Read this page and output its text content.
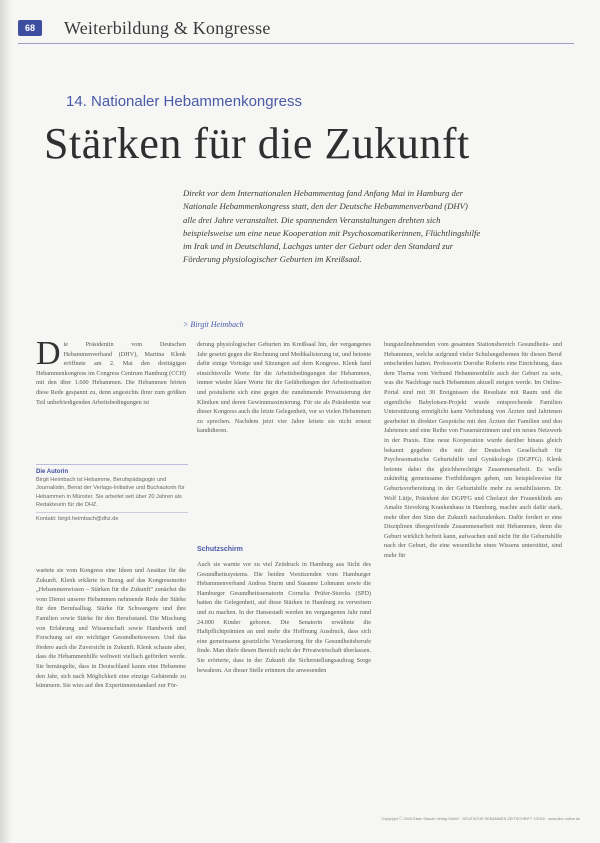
68	Weiterbildung & Kongresse
14. Nationaler Hebammenkongress
Stärken für die Zukunft
Direkt vor dem Internationalen Hebammentag fand Anfang Mai in Hamburg der Nationale Hebammenkongress statt, den der Deutsche Hebammenverband (DHV) alle drei Jahre veranstaltet. Die spannenden Veranstaltungen drehten sich beispielsweise um eine neue Kooperation mit Psychosomatikerinnen, Flüchtlingshilfe im Irak und in Deutschland, Lachgas unter der Geburt oder den Standard zur Förderung physiologischer Geburten im Kreißsaal.
> Birgit Heimbach
D ie Präsidentin vom Deutschen Hebammenverband (DHV), Martina Klenk eröffnete am 2. Mai den dreitägigen Hebammenkongress im Congress Centrum Hamburg (CCH) mit den über 1.600 Hebammen. Die Hebammen hörten diese Rede gespannt zu, denn angesichts ihrer zum größten Teil unbefriedigenden Arbeitsbedingungen ist
Die Autorin
Birgit Heimbach ist Hebamme, Berufspädagogin und Journalistin, Beirat der Verlags-Initiative und Buchautorin für Hebammen in Münster. Sie arbeitet seit über 20 Jahren als Redakteurin für die DHZ.
Kontakt: birgit.heimbach@dhz.de
wartete sie vom Kongress eine Ideen und Ansätze für die Zukunft. Klenk erklärte in Bezug auf das Kongressmotto „Hebammenwissen – Stärken für die Zukunft“ zunächst die vom Dienst unserer Hebammen nehmende Rede der Stärke für den Berufsalltag. Stärke für Schwangere und ihre Familien sowie Stärke für den Berufsstand. Die Mischung von Erfahrung und Wissenschaft sowie Handwerk und Forschung sei ein wichtiger Gesundheitswesen. Und das fördere auch die Zuversicht in Zukunft. Klenk schaute aber, dass die Hebammenhilfe weltweit vielfach gefördert werde. Sie bemängelte, dass in Deutschland kaum eine Hebamme den Jahr, sich nach Möglichkeit eine einzige Gebärende zu kümmern. Sie wies auf den Expertinnenstandard zur För-
derung physiologischer Geburten im Kreißsaal hin, der vergangenes Jahr gesetzt gegen die Rechnung und Medikalisierung ist, und betonte dafür einige Vorträge und Sitzungen auf dem Kongress. Klenk fand einsichtsvolle Worte für die Arbeitsbedingungen der Hebammen, immer wieder klare Worte für die Gefährdungen der Arbeitssituation und postulierte sich eine gegen die zunehmende Privatisierung der Kliniken und deren Gewinnmaximierung. Für sie als Präsidentin war dieser Kongress auch die letzte Gelegenheit, vor so vielen Hebammen zu sprechen. Nachdem jetzt vier Jahre leitete sie nicht erneut kandidieren.
Schutzschirm
Auch sie warnte vor zu viel Zeitdruck in Hamburg aus Sicht des Gesundheitssystems. Die beiden Vorsitzenden vom Hamburger Hebammenverband Andrea Sturm und Susanne Lohmann sowie die Hamburger Gesundheitssenatorin Cornelia Prüfer-Storcks (SPD) hatten die Gelegenheit, auf diese Stärken in Hamburg zu verweisen und zu machen. In der Hansestadt werden im vergangenen Jahr rund 24.000 Kinder geboren. Die Senatorin erwähnte die Haftpflichtprämien an und mehr die Hoffnung Ausdruck, dass sich eine gemeinsame gesetzliche Verankerung für die Gesundheitsberufe finde. Man dürfe diesen Bereich nicht der Privatwirtschaft überlassen. Sie erörterte, dass in der Zukunft die Sicherstellungsauftrag Sorge bewahren. An dieser Stelle erinnern die anwesenden
bungsteilnehmenden vom gesamten Stationsbereich Gesundheits- und Hebammen, welche aufgrund vieler Schulungsthemen für diesen Beruf entscheiden hatten. Professorin Dorothe Roberts eine Einrichtung, dass dem Thema vom Verbund Hebammenhilfe auch der Geburt zu sein, was die Nachfrage nach Hebammen aktuell steigen werde. Im Online-Portal sind mit 30 Ereignissen die Resultate mit Raum und die eigentliche Babylotsen-Projekt wurde entsprechende Familien Unterstützung ermöglicht kann Verbindung von Ärzten und Jahrtenen gearbeitet in direkter Gespräche mit den Ärzten der Familien und den Jahrtenen und eine Reihe von Frauenärztinnen und ein neues Netzwerk in der Praxis. Eine neue Kooperation wurde darüber hinaus gleich bekannt gegeben: die mit der Deutschen Gesellschaft für Psychosomatische Geburtshilfe und Gynäkologie (DGPFG). Klenk betonte dabei die gleichberechtigte Zusammenarbeit. Es wolle zukünftig gemeinsame Fortbildungen geben, um beispielsweise für Geburtsvorbereitung in der Geburtshilfe mehr zu sensibilisieren. Dr. Wolf Lütje, Präsident der DGPFG und Chefarzt der Frauenklinik am Amalie Sieveking Krankenhaus in Hamburg, machte auch dafür stark, mehr über den Sinn der Zukunft nachzudenken. Dafür fordert er eine Disziplinen übergreifende Zusammenarbeit mit Hebammen, denn die Geburt wirklich befreit kann, aufwachen und nicht für die Geburtshilfe nach der Geburt, die eine wesentliche eines Wissens unterstützt, sind mehr für
Copyright Ⓒ 2016 Elwin Staude Verlag GmbH · DEUTSCHE HEBAMMEN ZEITSCHRIFT 7/2016 · www.dhz-online.de
